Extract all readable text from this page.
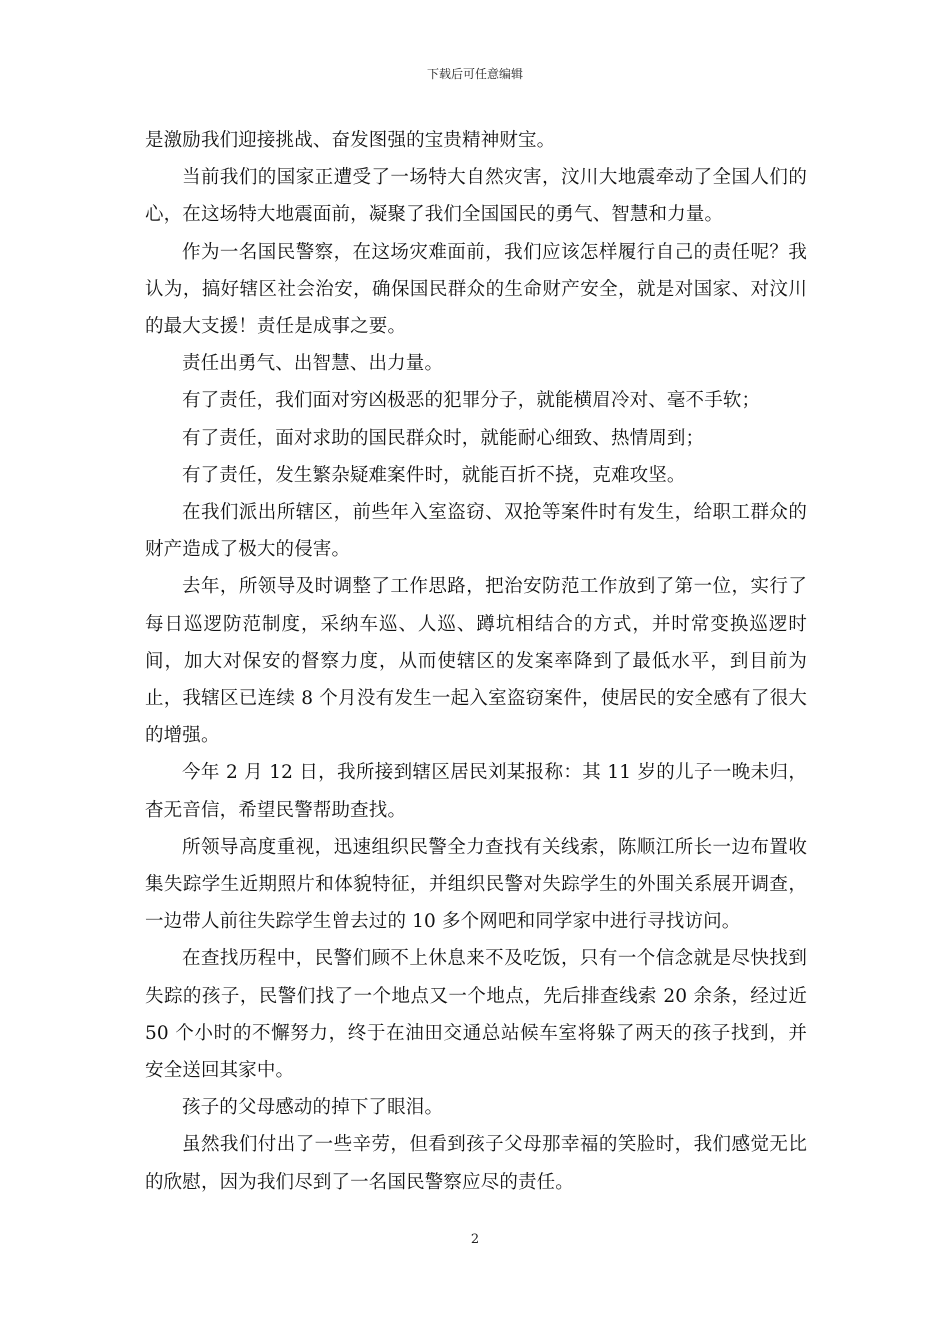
下载后可任意编辑

是激励我们迎接挑战、奋发图强的宝贵精神财宝。

当前我们的国家正遭受了一场特大自然灾害，汶川大地震牵动了全国人们的心，在这场特大地震面前，凝聚了我们全国国民的勇气、智慧和力量。

作为一名国民警察，在这场灾难面前，我们应该怎样履行自己的责任呢？我认为，搞好辖区社会治安，确保国民群众的生命财产安全，就是对国家、对汶川的最大支援！责任是成事之要。

责任出勇气、出智慧、出力量。

有了责任，我们面对穷凶极恶的犯罪分子，就能横眉冷对、毫不手软；

有了责任，面对求助的国民群众时，就能耐心细致、热情周到；

有了责任，发生繁杂疑难案件时，就能百折不挠，克难攻坚。

在我们派出所辖区，前些年入室盗窃、双抢等案件时有发生，给职工群众的财产造成了极大的侵害。

去年，所领导及时调整了工作思路，把治安防范工作放到了第一位，实行了每日巡逻防范制度，采纳车巡、人巡、蹲坑相结合的方式，并时常变换巡逻时间，加大对保安的督察力度，从而使辖区的发案率降到了最低水平，到目前为止，我辖区已连续 8 个月没有发生一起入室盗窃案件，使居民的安全感有了很大的增强。

今年 2 月 12 日，我所接到辖区居民刘某报称：其 11 岁的儿子一晚未归，杳无音信，希望民警帮助查找。

所领导高度重视，迅速组织民警全力查找有关线索，陈顺江所长一边布置收集失踪学生近期照片和体貌特征，并组织民警对失踪学生的外围关系展开调查，一边带人前往失踪学生曾去过的 10 多个网吧和同学家中进行寻找访问。

在查找历程中，民警们顾不上休息来不及吃饭，只有一个信念就是尽快找到失踪的孩子，民警们找了一个地点又一个地点，先后排查线索 20 余条，经过近 50 个小时的不懈努力，终于在油田交通总站候车室将躲了两天的孩子找到，并安全送回其家中。

孩子的父母感动的掉下了眼泪。

虽然我们付出了一些辛劳，但看到孩子父母那幸福的笑脸时，我们感觉无比的欣慰，因为我们尽到了一名国民警察应尽的责任。

2
